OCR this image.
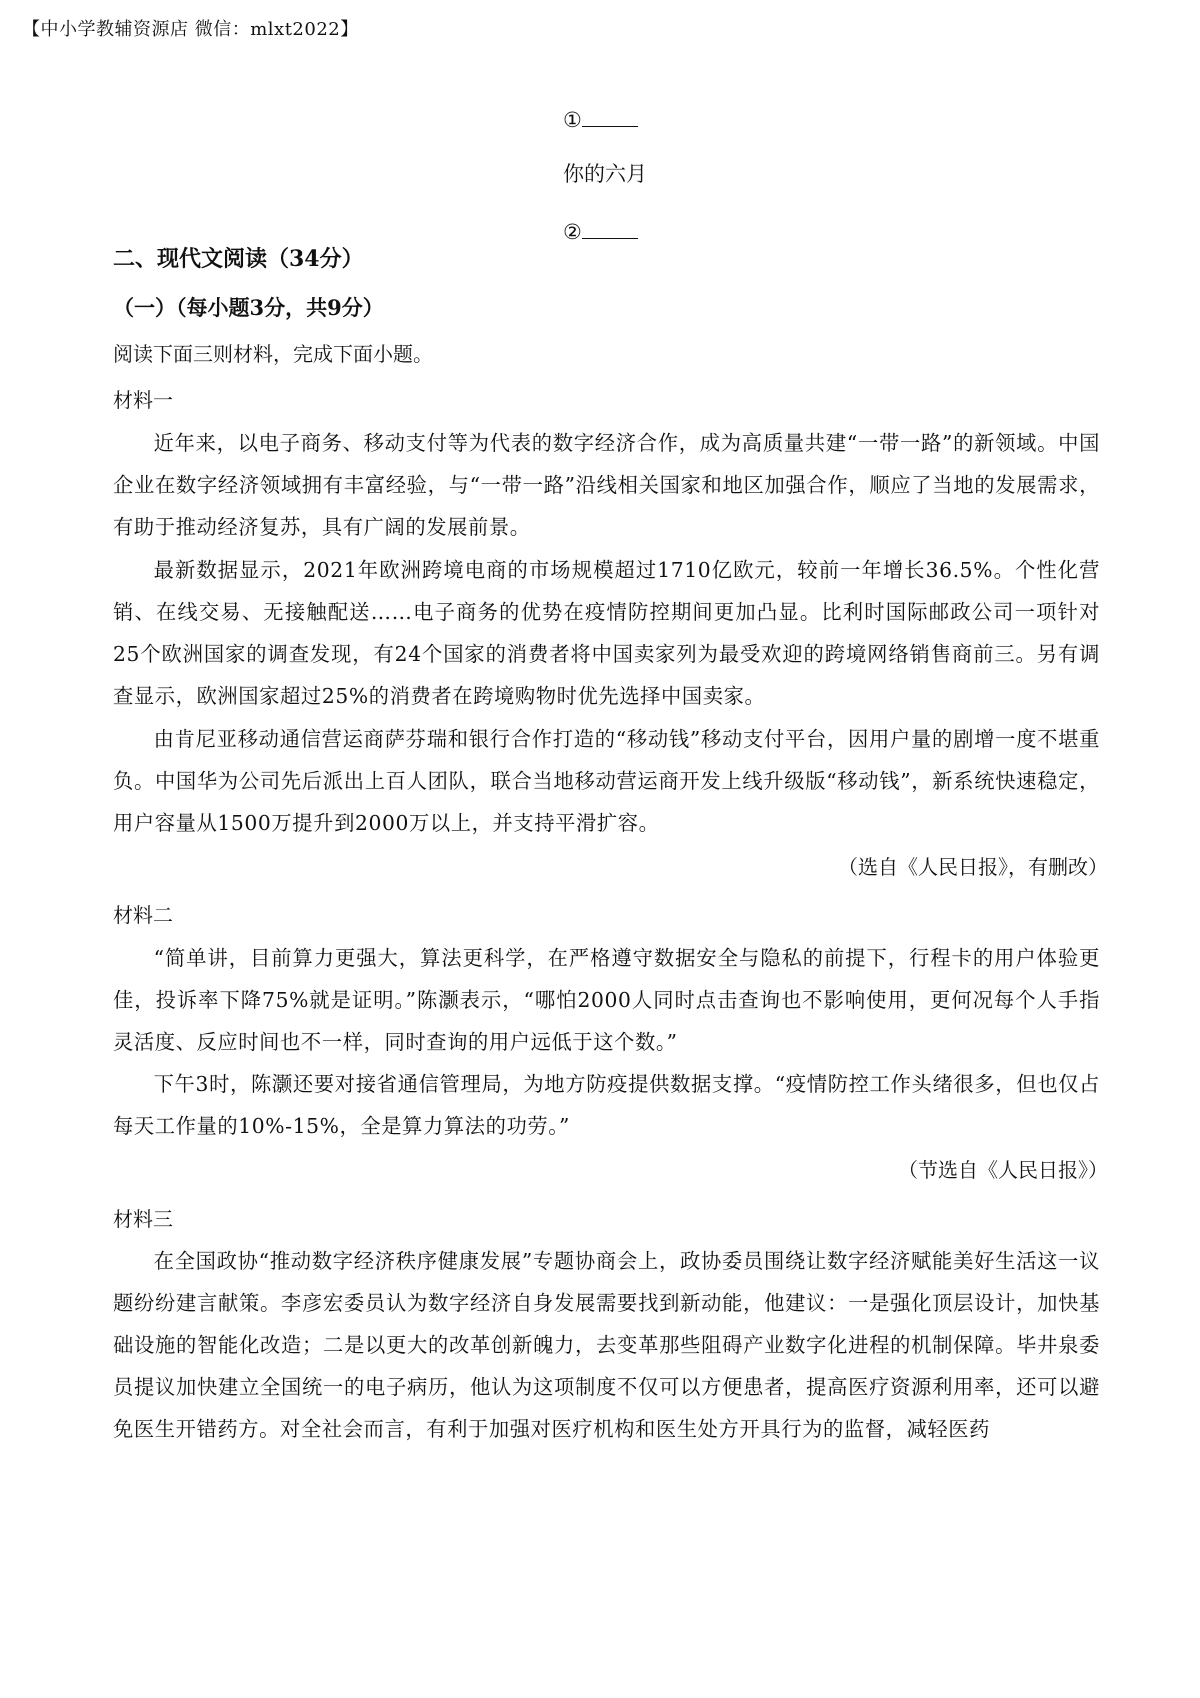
【中小学教辅资源店 微信：mlxt2022】
①
你的六月
②
二、现代文阅读（34分）
（一）（每小题3分，共9分）
阅读下面三则材料，完成下面小题。
材料一
近年来，以电子商务、移动支付等为代表的数字经济合作，成为高质量共建“一带一路”的新领域。中国企业在数字经济领域拥有丰富经验，与“一带一路”沿线相关国家和地区加强合作，顺应了当地的发展需求，有助于推动经济复苏，具有广阔的发展前景。
最新数据显示，2021年欧洲跨境电商的市场规模超过1710亿欧元，较前一年增长36.5%。个性化营销、在线交易、无接触配送……电子商务的优势在疫情防控期间更加凸显。比利时国际邮政公司一项针对25个欧洲国家的调查发现，有24个国家的消费者将中国卖家列为最受欢迎的跨境网络销售商前三。另有调查显示，欧洲国家超过25%的消费者在跨境购物时优先选择中国卖家。
由肯尼亚移动通信营运商萨芬瑞和银行合作打造的“移动钱”移动支付平台，因用户量的剧增一度不堪重负。中国华为公司先后派出上百人团队，联合当地移动营运商开发上线升级版“移动钱”，新系统快速稳定，用户容量从1500万提升到2000万以上，并支持平滑扩容。
（选自《人民日报》，有删改）
材料二
“简单讲，目前算力更强大，算法更科学，在严格遵守数据安全与隐私的前提下，行程卡的用户体验更佳，投诉率下降75%就是证明。”陈灏表示，“哪怕2000人同时点击查询也不影响使用，更何况每个人手指灵活度、反应时间也不一样，同时查询的用户远低于这个数。”
下午3时，陈灏还要对接省通信管理局，为地方防疫提供数据支撑。“疫情防控工作头绪很多，但也仅占每天工作量的10%-15%，全是算力算法的功劳。”
（节选自《人民日报》）
材料三
在全国政协“推动数字经济秩序健康发展”专题协商会上，政协委员围绕让数字经济赋能美好生活这一议题纷纷建言献策。李彦宏委员认为数字经济自身发展需要找到新动能，他建议：一是强化顶层设计，加快基础设施的智能化改造；二是以更大的改革创新魄力，去变革那些阻碍产业数字化进程的机制保障。毕井泉委员提议加快建立全国统一的电子病历，他认为这项制度不仅可以方便患者，提高医疗资源利用率，还可以避免医生开错药方。对全社会而言，有利于加强对医疗机构和医生处方开具行为的监督，减轻医药
